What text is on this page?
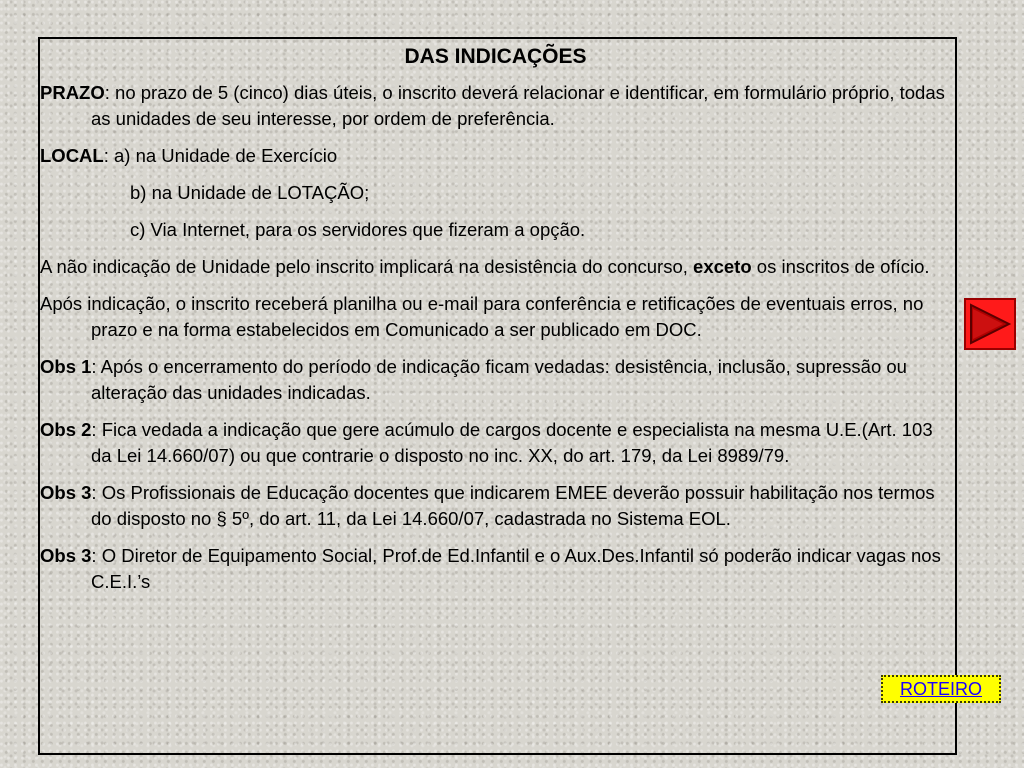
DAS INDICAÇÕES

PRAZO: no prazo de 5 (cinco) dias úteis, o inscrito deverá relacionar e identificar, em formulário próprio, todas as unidades de seu interesse, por ordem de preferência.

LOCAL: a) na Unidade de Exercício

b) na Unidade de LOTAÇÃO;

c) Via Internet, para os servidores que fizeram a opção.

A não indicação de Unidade pelo inscrito implicará na desistência do concurso, exceto os inscritos de ofício.

Após indicação, o inscrito receberá planilha ou e-mail para conferência e retificações de eventuais erros, no prazo e na forma estabelecidos em Comunicado a ser publicado em DOC.

Obs 1: Após o encerramento do período de indicação ficam vedadas: desistência, inclusão, supressão ou alteração das unidades indicadas.

Obs 2: Fica vedada a indicação que gere acúmulo de cargos docente e especialista na mesma U.E.(Art. 103 da Lei 14.660/07) ou que contrarie o disposto no inc. XX, do art. 179, da Lei 8989/79.

Obs 3: Os Profissionais de Educação docentes que indicarem EMEE deverão possuir habilitação nos termos do disposto no § 5º, do art. 11, da Lei 14.660/07, cadastrada no Sistema EOL.

Obs 3: O Diretor de Equipamento Social, Prof.de Ed.Infantil e o Aux.Des.Infantil só poderão indicar vagas nos C.E.I.’s

ROTEIRO
